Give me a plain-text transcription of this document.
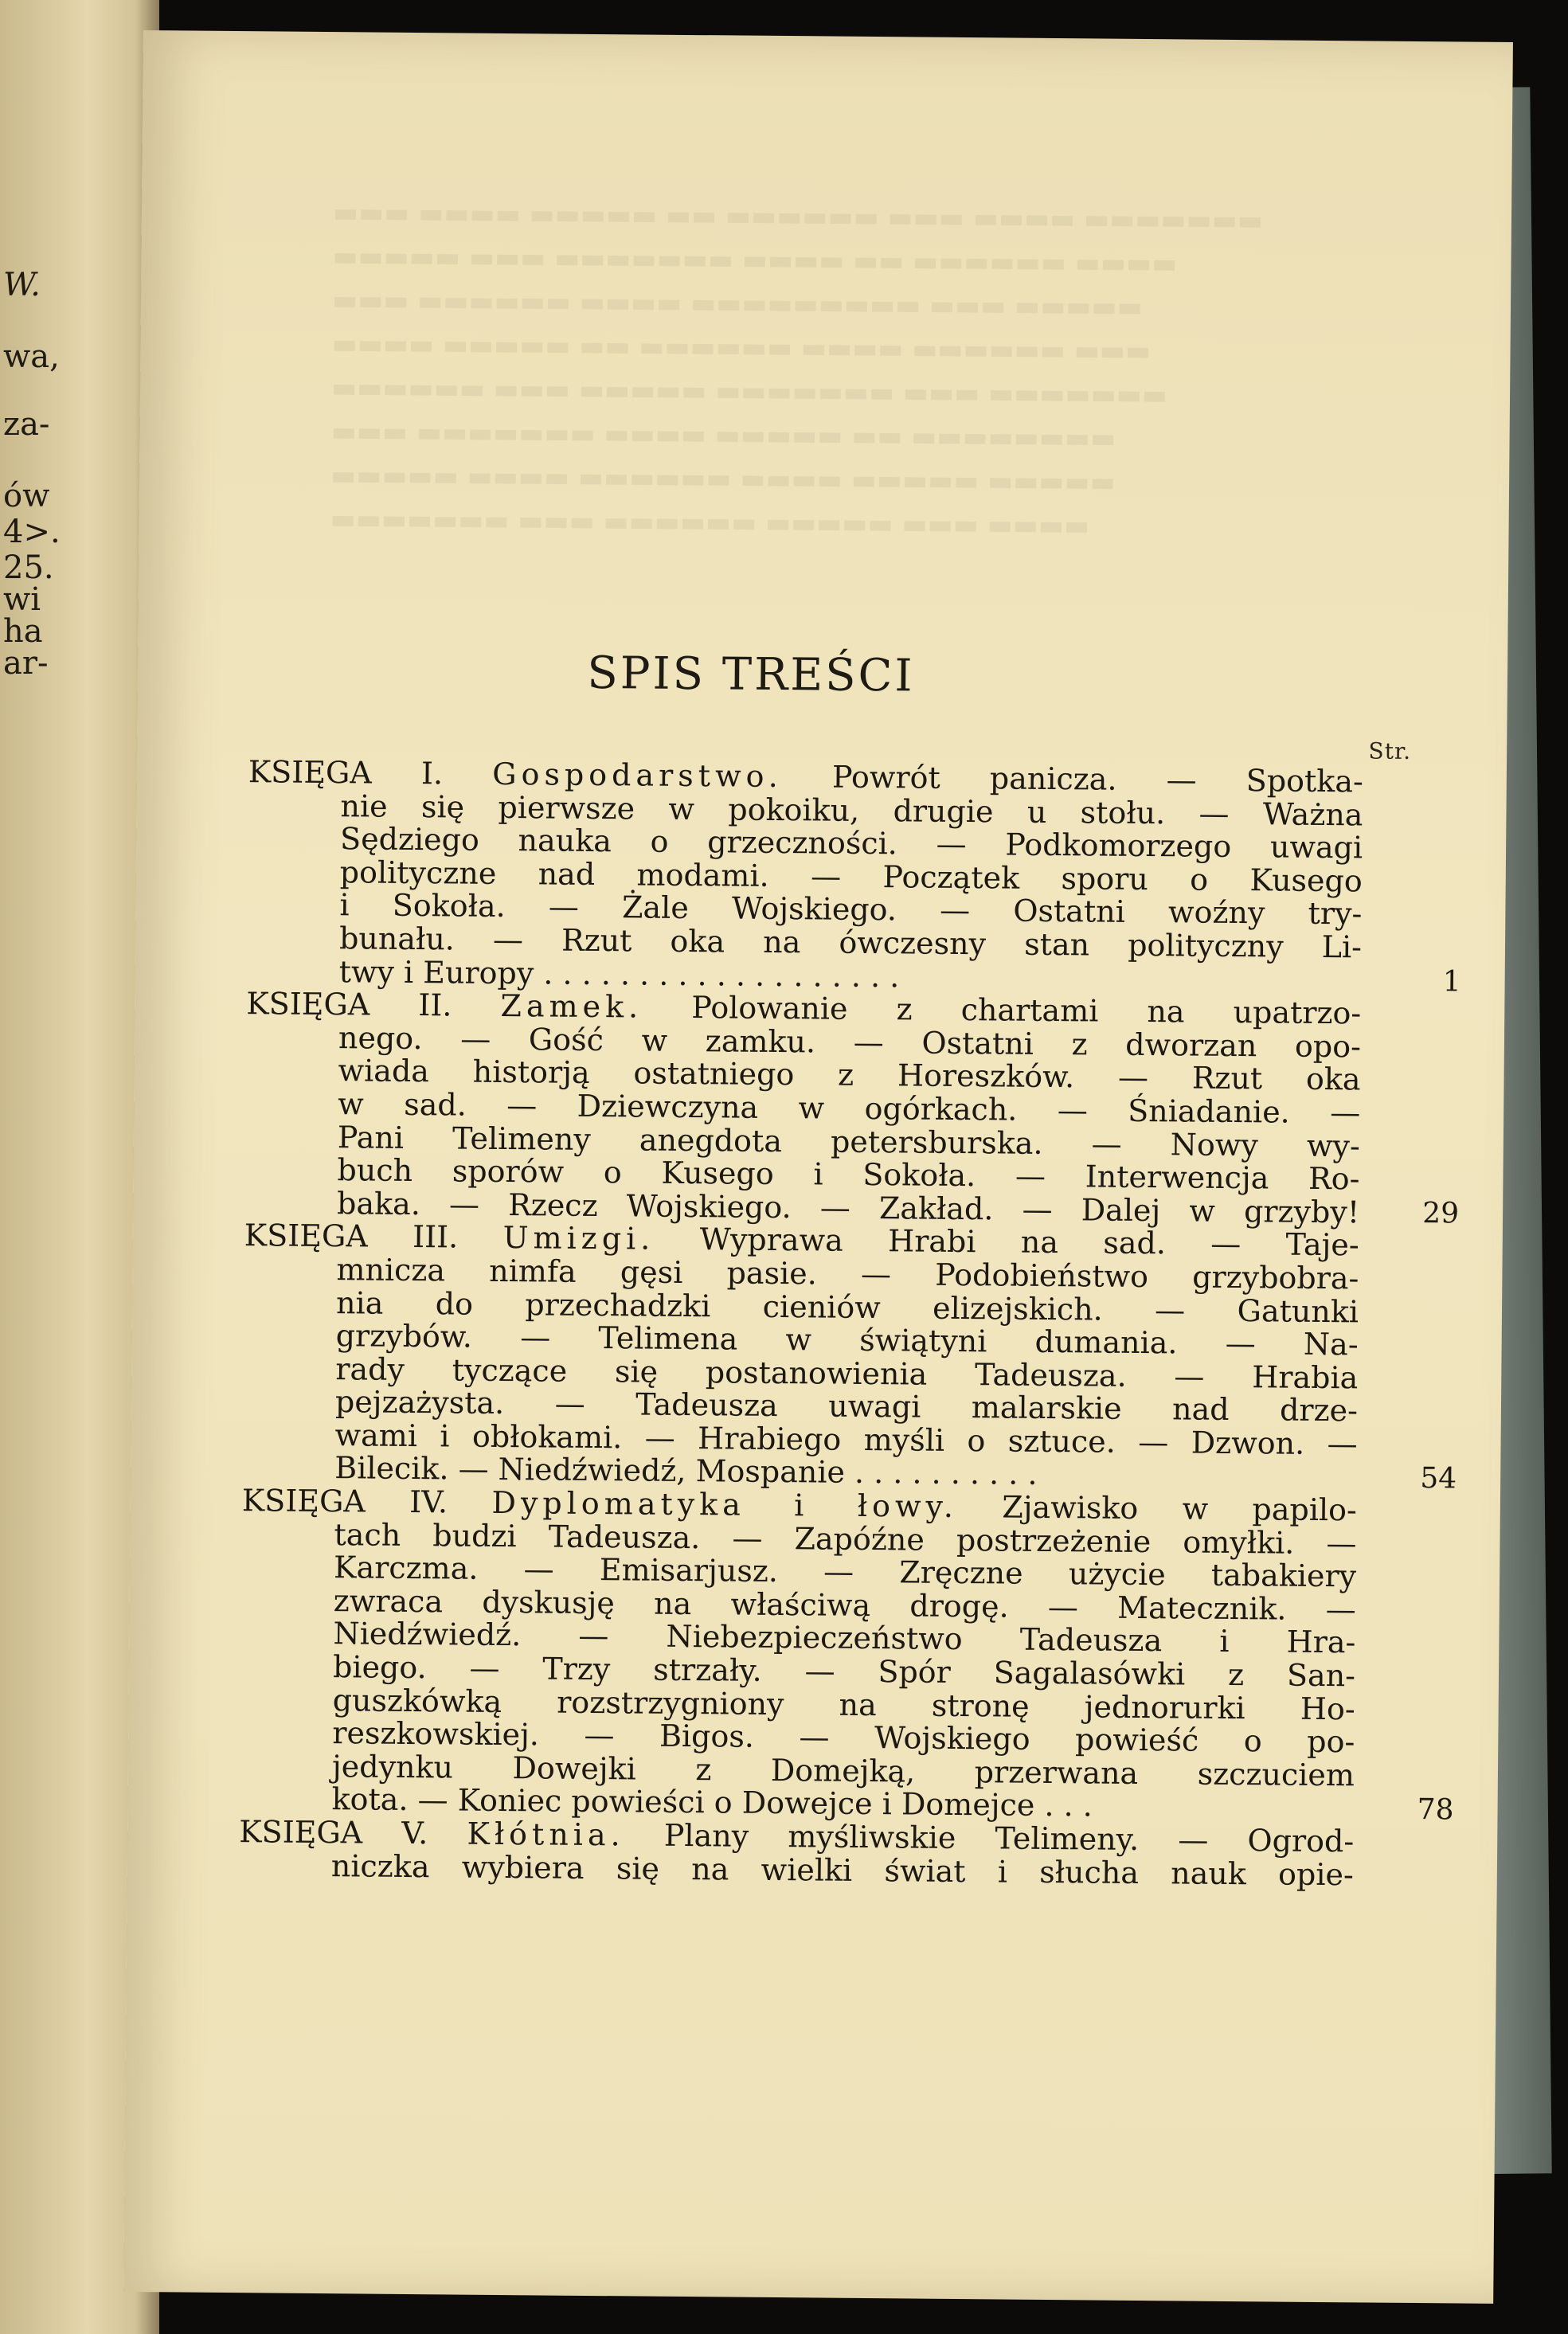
W.
wa,
za-
ów
4>.
25.
wi
ha
ar-
▬▬▬ ▬▬▬▬ ▬▬▬▬▬ ▬▬ ▬▬▬▬▬▬ ▬▬▬ ▬▬▬▬ ▬▬▬▬▬▬▬
▬▬▬▬▬ ▬▬▬ ▬▬▬▬▬▬▬ ▬▬▬▬ ▬▬ ▬▬▬▬▬▬ ▬▬▬▬
▬▬▬ ▬▬▬▬▬▬ ▬▬▬▬ ▬▬▬▬▬▬▬▬▬ ▬▬▬ ▬▬▬▬▬
▬▬▬▬ ▬▬▬▬▬ ▬▬ ▬▬▬▬▬▬ ▬▬▬▬ ▬▬▬▬▬▬ ▬▬▬
▬▬▬▬▬▬ ▬▬▬ ▬▬▬▬▬ ▬▬▬▬▬▬▬ ▬▬▬ ▬▬▬▬▬▬▬
▬▬▬ ▬▬▬▬▬▬▬ ▬▬▬▬ ▬▬▬▬▬ ▬▬ ▬▬▬▬▬▬▬▬
▬▬▬▬▬ ▬▬▬▬ ▬▬▬▬▬▬ ▬▬▬▬ ▬▬▬▬▬ ▬▬▬▬▬
▬▬▬▬▬▬▬ ▬▬▬ ▬▬▬▬▬▬ ▬▬▬▬▬ ▬▬▬ ▬▬▬▬
SPIS TREŚCI
Str.
KSIĘGA I. Gospodarstwo. Powrót panicza. — Spotka-
nie się pierwsze w pokoiku, drugie u stołu. — Ważna
Sędziego nauka o grzeczności. — Podkomorzego uwagi
polityczne nad modami. — Początek sporu o Kusego
i Sokoła. — Żale Wojskiego. — Ostatni woźny try-
bunału. — Rzut oka na ówczesny stan polityczny Li-
twy i Europy . . . . . . . . . . . . . . . . . . .	1
KSIĘGA II. Zamek. Polowanie z chartami na upatrzo-
nego. — Gość w zamku. — Ostatni z dworzan opo-
wiada historją ostatniego z Horeszków. — Rzut oka
w sad. — Dziewczyna w ogórkach. — Śniadanie. —
Pani Telimeny anegdota petersburska. — Nowy wy-
buch sporów o Kusego i Sokoła. — Interwencja Ro-
baka. — Rzecz Wojskiego. — Zakład. — Dalej w grzyby! 29
KSIĘGA III. Umizgi. Wyprawa Hrabi na sad. — Taje-
mnicza nimfa gęsi pasie. — Podobieństwo grzybobra-
nia do przechadzki cieniów elizejskich. — Gatunki
grzybów. — Telimena w świątyni dumania. — Na-
rady tyczące się postanowienia Tadeusza. — Hrabia
pejzażysta. — Tadeusza uwagi malarskie nad drze-
wami i obłokami. — Hrabiego myśli o sztuce. — Dzwon. —
Bilecik. — Niedźwiedź, Mospanie . . . . . . . . . .	54
KSIĘGA IV. Dyplomatyka i łowy. Zjawisko w papilo-
tach budzi Tadeusza. — Zapóźne postrzeżenie omyłki. —
Karczma. — Emisarjusz. — Zręczne użycie tabakiery
zwraca dyskusję na właściwą drogę. — Matecznik. —
Niedźwiedź. — Niebezpieczeństwo Tadeusza i Hra-
biego. — Trzy strzały. — Spór Sagalasówki z San-
guszkówką rozstrzygniony na stronę jednorurki Ho-
reszkowskiej. — Bigos. — Wojskiego powieść o po-
jedynku Dowejki z Domejką, przerwana szczuciem
kota. — Koniec powieści o Dowejce i Domejce . . .	78
KSIĘGA V. Kłótnia. Plany myśliwskie Telimeny. — Ogrod-
niczka wybiera się na wielki świat i słucha nauk opie-
